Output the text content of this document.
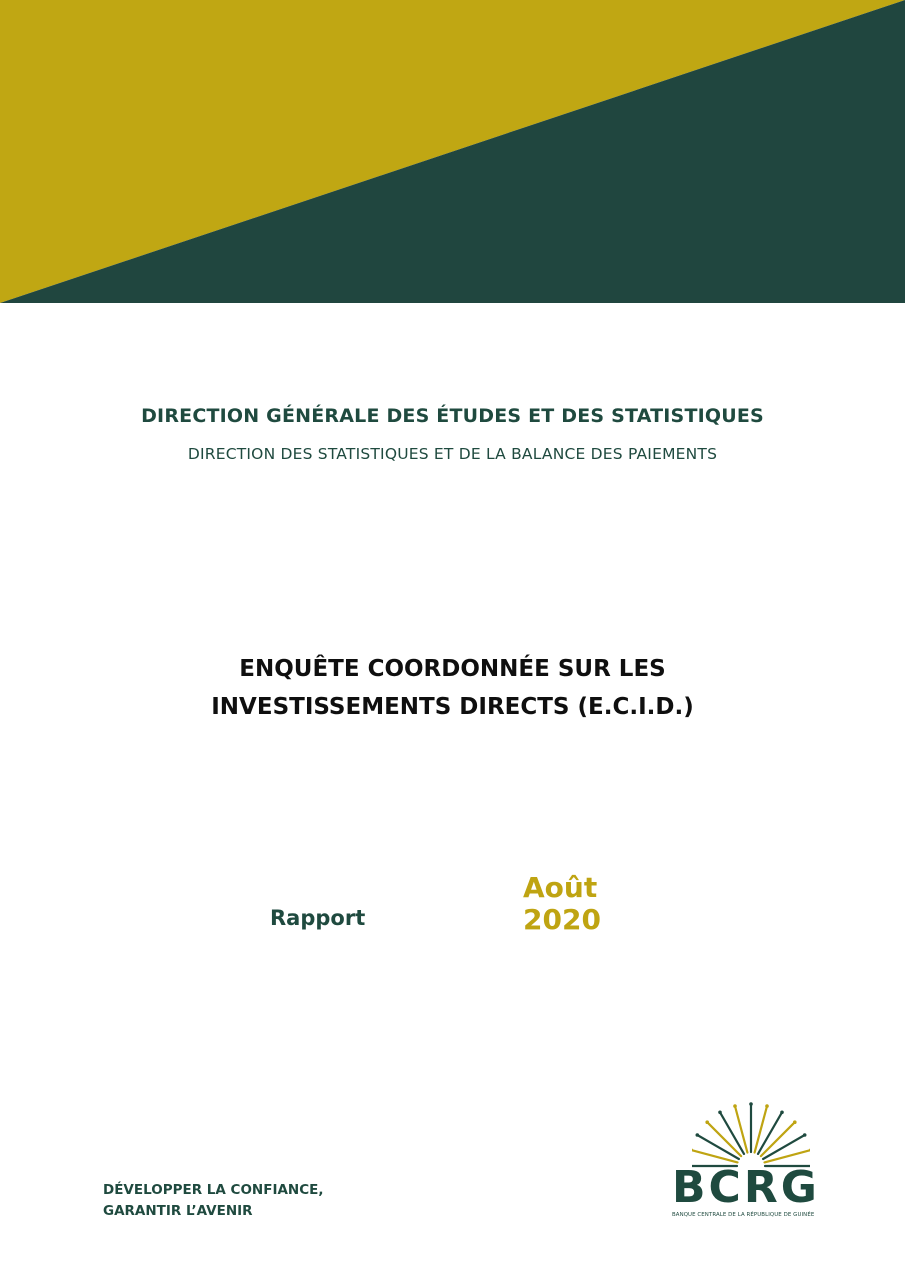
DIRECTION GÉNÉRALE DES ÉTUDES ET DES STATISTIQUES
DIRECTION DES STATISTIQUES ET DE LA BALANCE DES PAIEMENTS
ENQUÊTE COORDONNÉE SUR LES
INVESTISSEMENTS DIRECTS (E.C.I.D.)
Rapport
Août
2020
DÉVELOPPER LA CONFIANCE,
GARANTIR L’AVENIR	BCRG
BANQUE CENTRALE DE LA RÉPUBLIQUE DE GUINÉE
